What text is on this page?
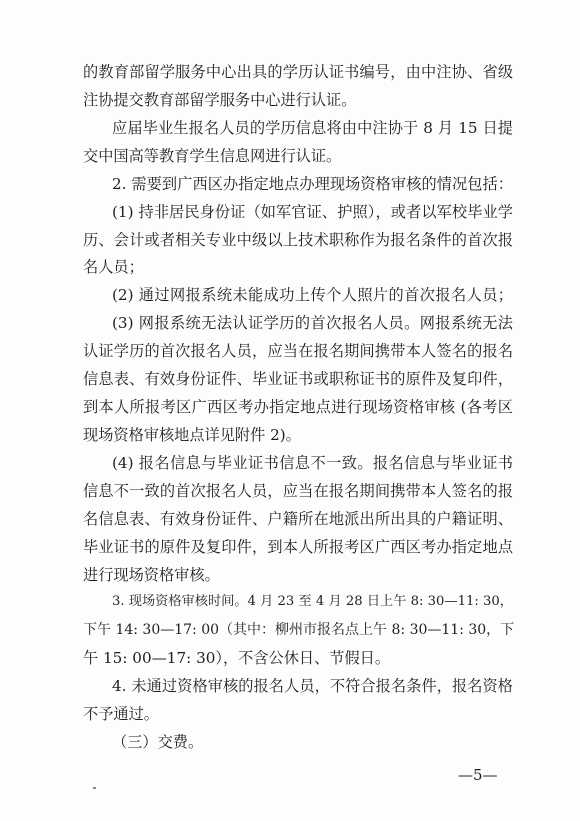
的教育部留学服务中心出具的学历认证书编号，由中注协、省级
注协提交教育部留学服务中心进行认证。
应届毕业生报名人员的学历信息将由中注协于 8 月 15 日提
交中国高等教育学生信息网进行认证。
2. 需要到广西区办指定地点办理现场资格审核的情况包括：
(1) 持非居民身份证（如军官证、护照），或者以军校毕业学
历、会计或者相关专业中级以上技术职称作为报名条件的首次报
名人员；
(2) 通过网报系统未能成功上传个人照片的首次报名人员；
(3) 网报系统无法认证学历的首次报名人员。网报系统无法
认证学历的首次报名人员，应当在报名期间携带本人签名的报名
信息表、有效身份证件、毕业证书或职称证书的原件及复印件，
到本人所报考区广西区考办指定地点进行现场资格审核 (各考区
现场资格审核地点详见附件 2)。
(4) 报名信息与毕业证书信息不一致。报名信息与毕业证书
信息不一致的首次报名人员，应当在报名期间携带本人签名的报
名信息表、有效身份证件、户籍所在地派出所出具的户籍证明、
毕业证书的原件及复印件，到本人所报考区广西区考办指定地点
进行现场资格审核。
3. 现场资格审核时间。4 月 23 至 4 月 28 日上午 8: 30—11: 30，
下午 14: 30—17: 00（其中：柳州市报名点上午 8: 30—11: 30，下
午 15: 00—17: 30），不含公休日、节假日。
4. 未通过资格审核的报名人员，不符合报名条件，报名资格
不予通过。
（三）交费。
—5—
